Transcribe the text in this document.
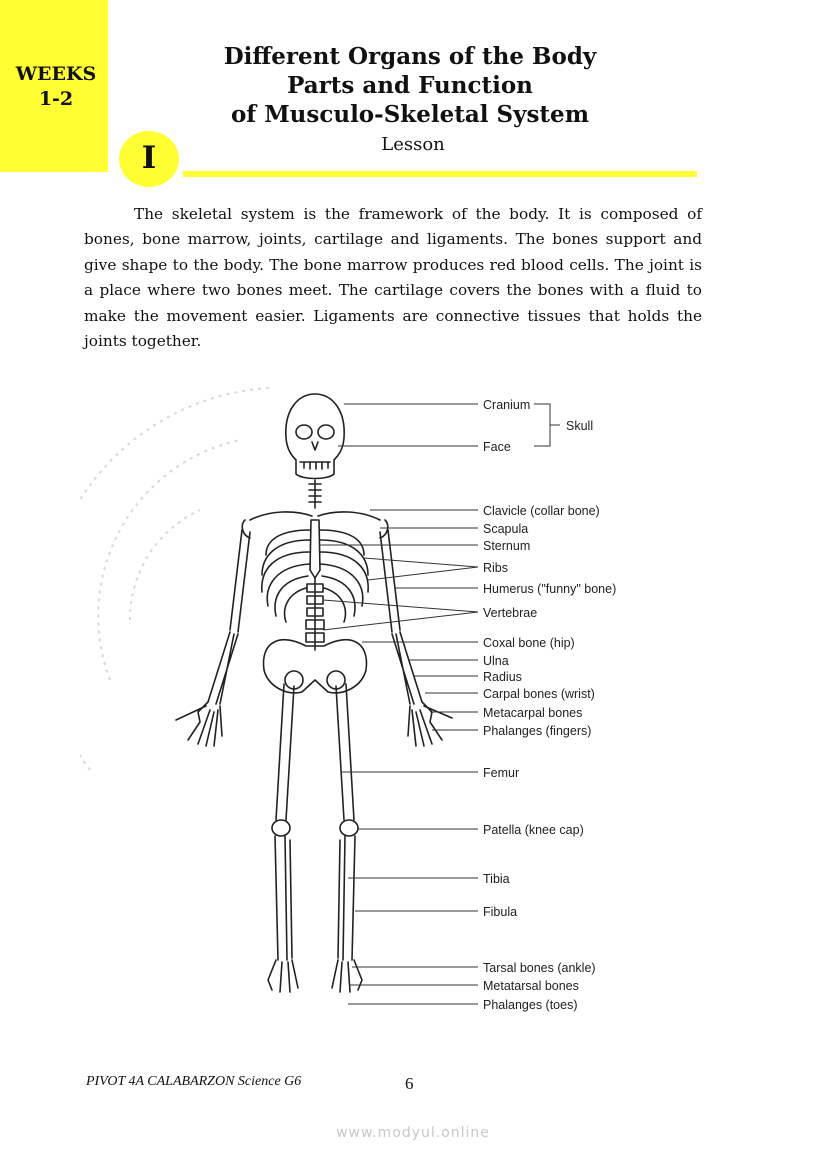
WEEKS
1-2
Different Organs of the Body
Parts and Function
of Musculo-Skeletal System
I	Lesson

The skeletal system is the framework of the body. It is composed of bones, bone marrow, joints, cartilage and ligaments. The bones support and give shape to the body. The bone marrow produces red blood cells. The joint is a place where two bones meet. The cartilage covers the bones with a fluid to make the movement easier. Ligaments are connective tissues that holds the joints together.

Cranium
Face
Skull
Clavicle (collar bone)
Scapula
Sternum
Ribs
Humerus ("funny" bone)
Vertebrae
Coxal bone (hip)
Ulna
Radius
Carpal bones (wrist)
Metacarpal bones
Phalanges (fingers)
Femur
Patella (knee cap)
Tibia
Fibula
Tarsal bones (ankle)
Metatarsal bones
Phalanges (toes)
PIVOT 4A CALABARZON Science G6	6
www.modyul.online
